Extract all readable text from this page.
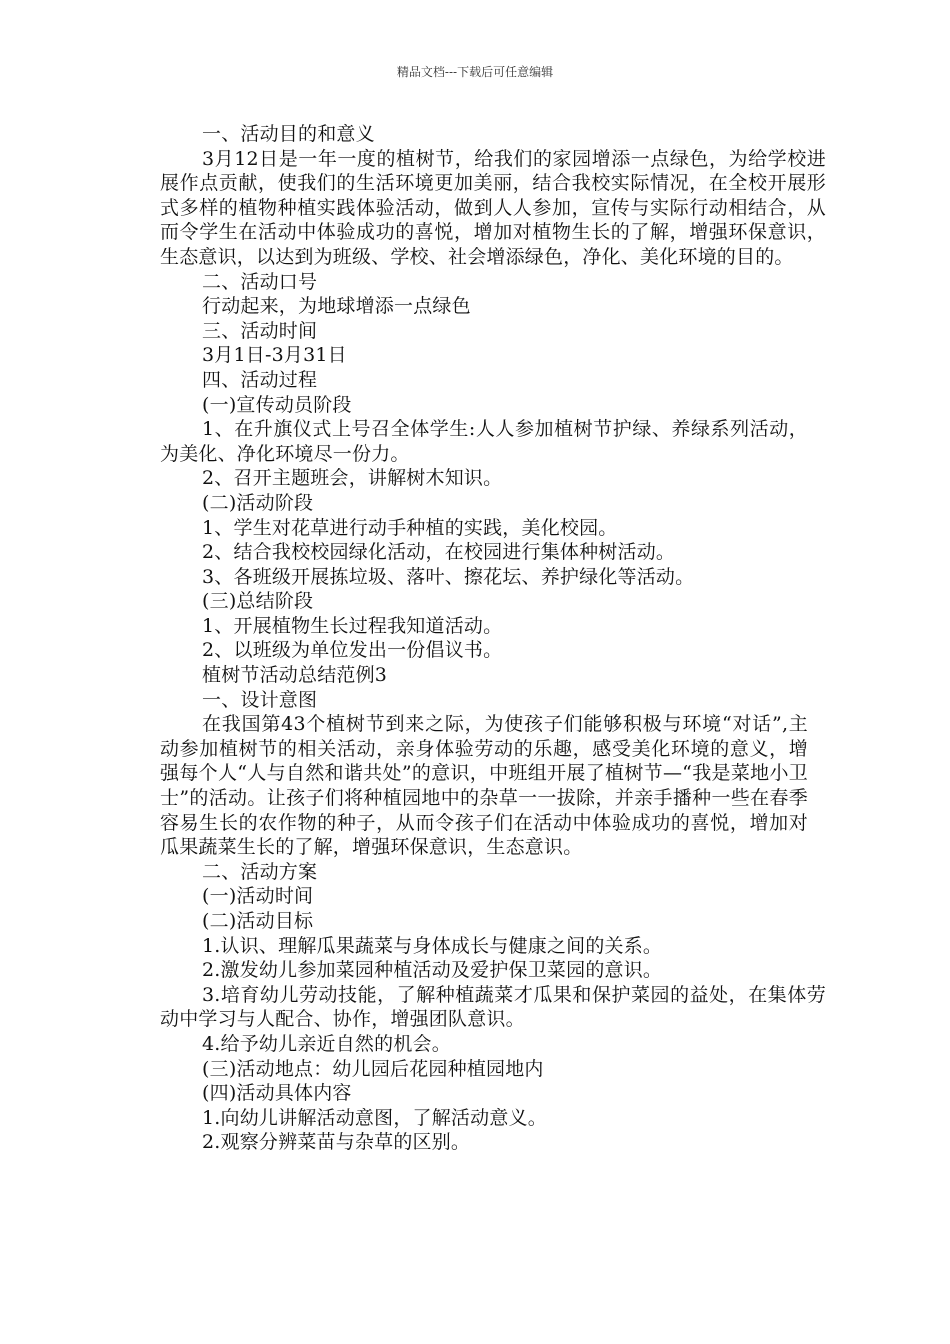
精品文档---下载后可任意编辑

一、活动目的和意义

3月12日是一年一度的植树节，给我们的家园增添一点绿色，为给学校进展作点贡献，使我们的生活环境更加美丽，结合我校实际情况，在全校开展形式多样的植物种植实践体验活动，做到人人参加，宣传与实际行动相结合，从而令学生在活动中体验成功的喜悦，增加对植物生长的了解，增强环保意识，生态意识，以达到为班级、学校、社会增添绿色，净化、美化环境的目的。

二、活动口号

行动起来，为地球增添一点绿色

三、活动时间

3月1日-3月31日

四、活动过程

(一)宣传动员阶段

1、在升旗仪式上号召全体学生:人人参加植树节护绿、养绿系列活动，为美化、净化环境尽一份力。

2、召开主题班会，讲解树木知识。

(二)活动阶段

1、学生对花草进行动手种植的实践，美化校园。

2、结合我校校园绿化活动，在校园进行集体种树活动。

3、各班级开展拣垃圾、落叶、擦花坛、养护绿化等活动。

(三)总结阶段

1、开展植物生长过程我知道活动。

2、以班级为单位发出一份倡议书。

植树节活动总结范例3

一、设计意图

在我国第43个植树节到来之际，为使孩子们能够积极与环境“对话”,主动参加植树节的相关活动，亲身体验劳动的乐趣，感受美化环境的意义，增强每个人“人与自然和谐共处”的意识，中班组开展了植树节—“我是菜地小卫士”的活动。让孩子们将种植园地中的杂草一一拔除，并亲手播种一些在春季容易生长的农作物的种子，从而令孩子们在活动中体验成功的喜悦，增加对瓜果蔬菜生长的了解，增强环保意识，生态意识。

二、活动方案

(一)活动时间

(二)活动目标

1.认识、理解瓜果蔬菜与身体成长与健康之间的关系。

2.激发幼儿参加菜园种植活动及爱护保卫菜园的意识。

3.培育幼儿劳动技能，了解种植蔬菜才瓜果和保护菜园的益处，在集体劳动中学习与人配合、协作，增强团队意识。

4.给予幼儿亲近自然的机会。

(三)活动地点：幼儿园后花园种植园地内

(四)活动具体内容

1.向幼儿讲解活动意图，了解活动意义。

2.观察分辨菜苗与杂草的区别。
